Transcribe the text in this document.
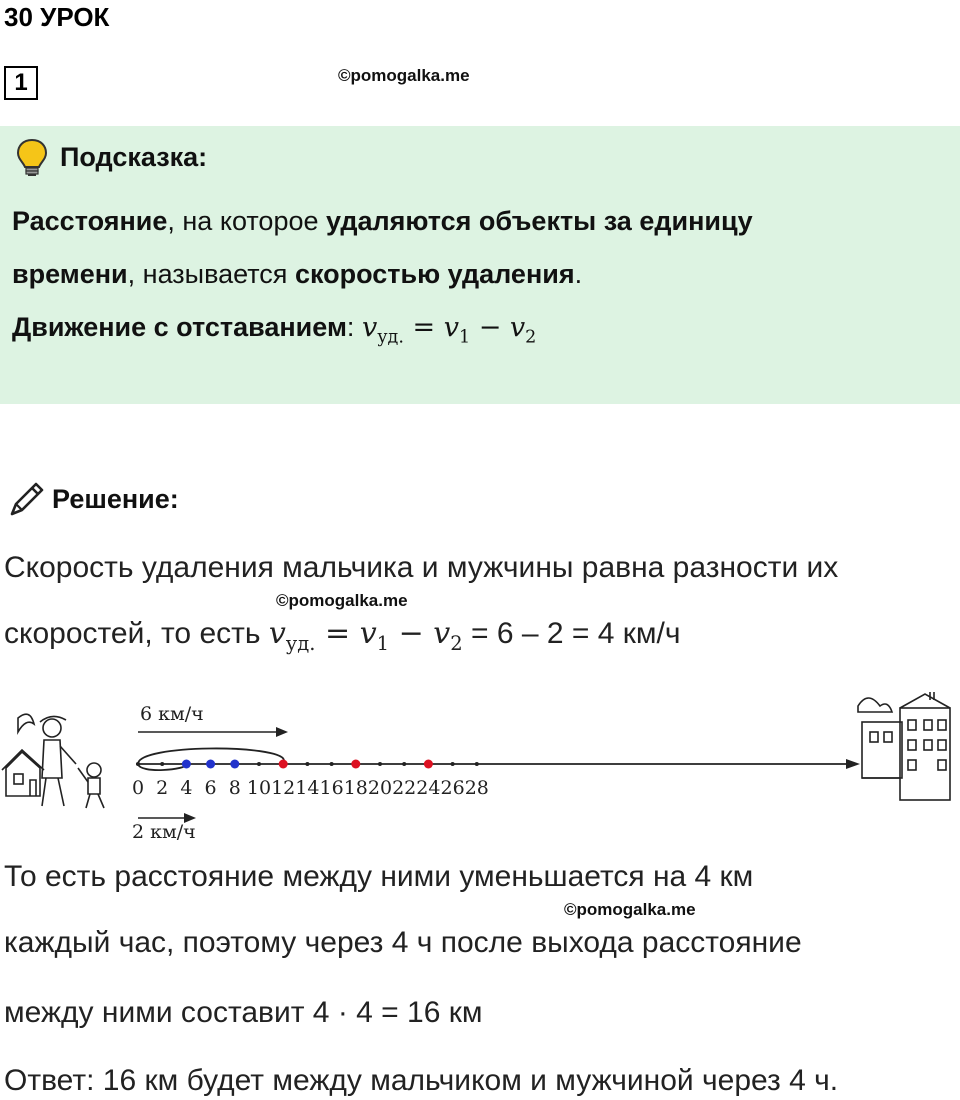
30 УРОК
1	©pomogalka.me
Подсказка:
Расстояние, на которое удаляются объекты за единицу
времени, называется скоростью удаления.
Движение с отставанием: $v_{уд.} = v_1 - v_2$
Решение:
Скорость удаления мальчика и мужчины равна разности их
©pomogalka.me
скоростей, то есть $v_{уд.} = v_1 - v_2 = 6 - 2 = 4$ км/ч
6 км/ч
2 км/ч
0 2 4 6 8 10 12 14 16 18 20 22 24 26 28
То есть расстояние между ними уменьшается на 4 км
©pomogalka.me
каждый час, поэтому через 4 ч после выхода расстояние
между ними составит 4 · 4 = 16 км
Ответ: 16 км будет между мальчиком и мужчиной через 4 ч.
